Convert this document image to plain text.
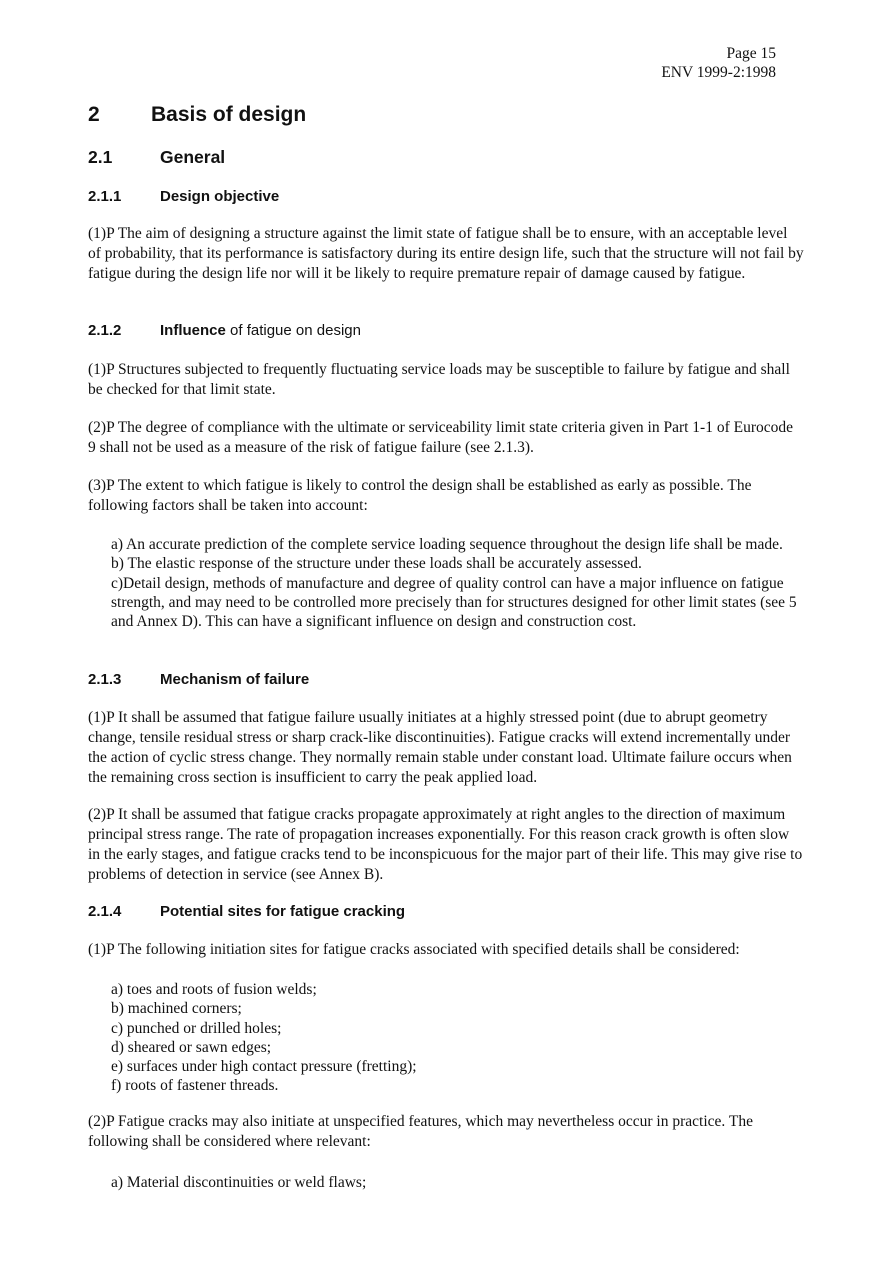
Page 15
ENV 1999-2:1998
2 Basis of design
2.1	General
2.1.1	Design objective

(1)P The aim of designing a structure against the limit state of fatigue shall be to ensure, with an acceptable level of probability, that its performance is satisfactory during its entire design life, such that the structure will not fail by fatigue during the design life nor will it be likely to require premature repair of damage caused by fatigue.

2.1.2	Influence of fatigue on design

(1)P Structures subjected to frequently fluctuating service loads may be susceptible to failure by fatigue and shall be checked for that limit state.

(2)P The degree of compliance with the ultimate or serviceability limit state criteria given in Part 1-1 of Eurocode 9 shall not be used as a measure of the risk of fatigue failure (see 2.1.3).

(3)P The extent to which fatigue is likely to control the design shall be established as early as possible. The following factors shall be taken into account:

a) An accurate prediction of the complete service loading sequence throughout the design life shall be made.
b) The elastic response of the structure under these loads shall be accurately assessed.
c)Detail design, methods of manufacture and degree of quality control can have a major influence on fatigue strength, and may need to be controlled more precisely than for structures designed for other limit states (see 5 and Annex D). This can have a significant influence on design and construction cost.
2.1.3	Mechanism of failure

(1)P It shall be assumed that fatigue failure usually initiates at a highly stressed point (due to abrupt geometry change, tensile residual stress or sharp crack-like discontinuities). Fatigue cracks will extend incrementally under the action of cyclic stress change. They normally remain stable under constant load. Ultimate failure occurs when the remaining cross section is insufficient to carry the peak applied load.

(2)P It shall be assumed that fatigue cracks propagate approximately at right angles to the direction of maximum principal stress range. The rate of propagation increases exponentially. For this reason crack growth is often slow in the early stages, and fatigue cracks tend to be inconspicuous for the major part of their life. This may give rise to problems of detection in service (see Annex B).

2.1.4	Potential sites for fatigue cracking

(1)P The following initiation sites for fatigue cracks associated with specified details shall be considered:

a) toes and roots of fusion welds;
b) machined corners;
c) punched or drilled holes;
d) sheared or sawn edges;
e) surfaces under high contact pressure (fretting);
f) roots of fastener threads.

(2)P Fatigue cracks may also initiate at unspecified features, which may nevertheless occur in practice. The following shall be considered where relevant:

a) Material discontinuities or weld flaws;
